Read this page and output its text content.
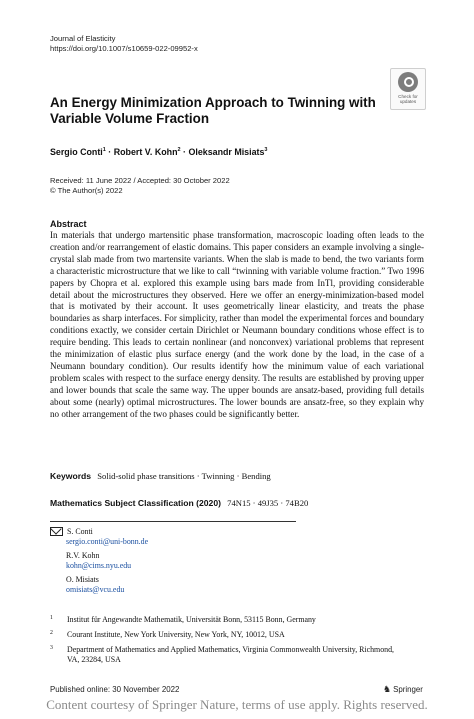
Journal of Elasticity
https://doi.org/10.1007/s10659-022-09952-x
Check for
updates
An Energy Minimization Approach to Twinning with Variable Volume Fraction
Sergio Conti$^1$ · Robert V. Kohn$^2$ · Oleksandr Misiats$^3$
Received: 11 June 2022 / Accepted: 30 October 2022
© The Author(s) 2022
Abstract
In materials that undergo martensitic phase transformation, macroscopic loading often leads to the creation and/or rearrangement of elastic domains. This paper considers an example involving a single-crystal slab made from two martensite variants. When the slab is made to bend, the two variants form a characteristic microstructure that we like to call “twinning with variable volume fraction.” Two 1996 papers by Chopra et al. explored this example using bars made from InTl, providing considerable detail about the microstructures they observed. Here we offer an energy-minimization-based model that is motivated by their account. It uses geometrically linear elasticity, and treats the phase boundaries as sharp interfaces. For simplicity, rather than model the experimental forces and boundary conditions exactly, we consider certain Dirichlet or Neumann boundary conditions whose effect is to require bending. This leads to certain nonlinear (and nonconvex) variational problems that represent the minimization of elastic plus surface energy (and the work done by the load, in the case of a Neumann boundary condition). Our results identify how the minimum value of each variational problem scales with respect to the surface energy density. The results are established by proving upper and lower bounds that scale the same way. The upper bounds are ansatz-based, providing full details about some (nearly) optimal microstructures. The lower bounds are ansatz-free, so they explain why no other arrangement of the two phases could be significantly better.
Keywords Solid-solid phase transitions · Twinning · Bending
Mathematics Subject Classification (2020) 74N15 · 49J35 · 74B20
S. Conti
sergio.conti@uni-bonn.de
R.V. Kohn
kohn@cims.nyu.edu
O. Misiats
omisiats@vcu.edu
1 Institut für Angewandte Mathematik, Universität Bonn, 53115 Bonn, Germany
2 Courant Institute, New York University, New York, NY, 10012, USA
3 Department of Mathematics and Applied Mathematics, Virginia Commonwealth University, Richmond, VA, 23284, USA
Published online: 30 November 2022	♞ Springer
Content courtesy of Springer Nature, terms of use apply. Rights reserved.
